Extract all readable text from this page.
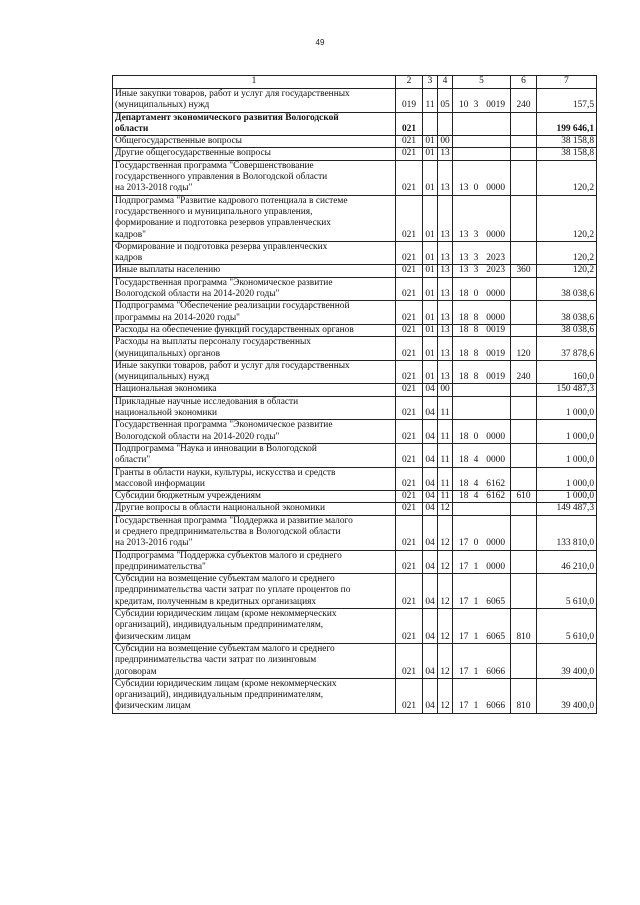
49
1	2	3	4	5	6	7
Иные закупки товаров, работ и услуг для государственных
(муниципальных) нужд	019	11	05	10 3 0019	240	157,5
Департамент экономического развития Вологодской
области	021					199 646,1
Общегосударственные вопросы	021	01	00			38 158,8
Другие общегосударственные вопросы	021	01	13			38 158,8
Государственная программа "Совершенствование
государственного управления в Вологодской области
на 2013-2018 годы"	021	01	13	13 0 0000		120,2
Подпрограмма "Развитие кадрового потенциала в системе
государственного и муниципального управления,
формирование и подготовка резервов управленческих
кадров"	021	01	13	13 3 0000		120,2
Формирование и подготовка резерва управленческих
кадров	021	01	13	13 3 2023		120,2
Иные выплаты населению	021	01	13	13 3 2023	360	120,2
Государственная программа "Экономическое развитие
Вологодской области на 2014-2020 годы"	021	01	13	18 0 0000		38 038,6
Подпрограмма "Обеспечение реализации государственной
программы на 2014-2020 годы"	021	01	13	18 8 0000		38 038,6
Расходы на обеспечение функций государственных органов	021	01	13	18 8 0019		38 038,6
Расходы на выплаты персоналу государственных
(муниципальных) органов	021	01	13	18 8 0019	120	37 878,6
Иные закупки товаров, работ и услуг для государственных
(муниципальных) нужд	021	01	13	18 8 0019	240	160,0
Национальная экономика	021	04	00			150 487,3
Прикладные научные исследования в области
национальной экономики	021	04	11			1 000,0
Государственная программа "Экономическое развитие
Вологодской области на 2014-2020 годы"	021	04	11	18 0 0000		1 000,0
Подпрограмма "Наука и инновации в Вологодской
области"	021	04	11	18 4 0000		1 000,0
Гранты в области науки, культуры, искусства и средств
массовой информации	021	04	11	18 4 6162		1 000,0
Субсидии бюджетным учреждениям	021	04	11	18 4 6162	610	1 000,0
Другие вопросы в области национальной экономики	021	04	12			149 487,3
Государственная программа "Поддержка и развитие малого
и среднего предпринимательства в Вологодской области
на 2013-2016 годы"	021	04	12	17 0 0000		133 810,0
Подпрограмма "Поддержка субъектов малого и среднего
предпринимательства"	021	04	12	17 1 0000		46 210,0
Субсидии на возмещение субъектам малого и среднего
предпринимательства части затрат по уплате процентов по
кредитам, полученным в кредитных организациях	021	04	12	17 1 6065		5 610,0
Субсидии юридическим лицам (кроме некоммерческих
организаций), индивидуальным предпринимателям,
физическим лицам	021	04	12	17 1 6065	810	5 610,0
Субсидии на возмещение субъектам малого и среднего
предпринимательства части затрат по лизинговым
договорам	021	04	12	17 1 6066		39 400,0
Субсидии юридическим лицам (кроме некоммерческих
организаций), индивидуальным предпринимателям,
физическим лицам	021	04	12	17 1 6066	810	39 400,0
